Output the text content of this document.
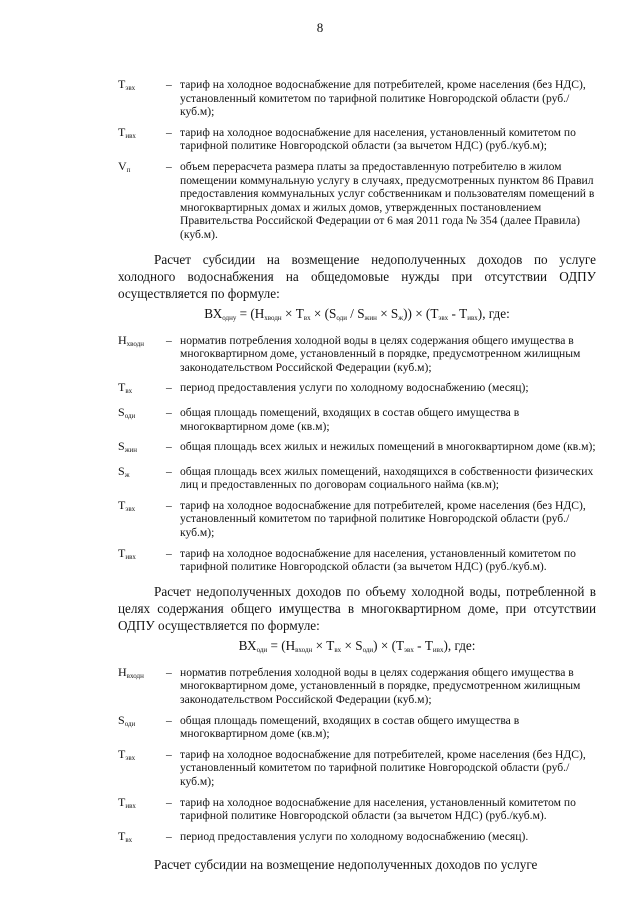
8
$Т_{эвх}$	– тариф на холодное водоснабжение для потребителей, кроме населения (без НДС), установленный комитетом по тарифной политике Новгородской области (руб./куб.м);
$Т_{ивх}$	– тариф на холодное водоснабжение для населения, установленный комитетом по тарифной политике Новгородской области (за вычетом НДС) (руб./куб.м);
$V_п$	– объем перерасчета размера платы за предоставленную потребителю в жилом помещении коммунальную услугу в случаях, предусмотренных пунктом 86 Правил предоставления коммунальных услуг собственникам и пользователям помещений в многоквартирных домах и жилых домов, утвержденных постановлением Правительства Российской Федерации от 6 мая 2011 года № 354 (далее Правила) (куб.м).

Расчет субсидии на возмещение недополученных доходов по услуге холодного водоснабжения на общедомовые нужды при отсутствии ОДПУ осуществляется по формуле:

$ВХ_{одну} = (Н_{хводн} \times Т_{вх} \times (S_{оди} / S_{жин} \times S_ж)) \times (Т_{эвх} - Т_{ивх})$, где:
$Н_{хводн}$	– норматив потребления холодной воды в целях содержания общего имущества в многоквартирном доме, установленный в порядке, предусмотренном жилищным законодательством Российской Федерации (куб.м);
$Т_{вх}$	– период предоставления услуги по холодному водоснабжению (месяц);
$S_{оди}$	– общая площадь помещений, входящих в состав общего имущества в многоквартирном доме (кв.м);
$S_{жин}$	– общая площадь всех жилых и нежилых помещений в многоквартирном доме (кв.м);
$S_ж$	– общая площадь всех жилых помещений, находящихся в собственности физических лиц и предоставленных по договорам социального найма (кв.м);
$Т_{эвх}$	– тариф на холодное водоснабжение для потребителей, кроме населения (без НДС), установленный комитетом по тарифной политике Новгородской области (руб./куб.м);
$Т_{ивх}$	– тариф на холодное водоснабжение для населения, установленный комитетом по тарифной политике Новгородской области (за вычетом НДС) (руб./куб.м).

Расчет недополученных доходов по объему холодной воды, потребленной в целях содержания общего имущества в многоквартирном доме, при отсутствии ОДПУ осуществляется по формуле:

$ВХ_{оди} = (Н_{входн} \times Т_{вх} \times S_{оди}) \times (Т_{эвх} - Т_{ивх})$, где:
$Н_{входн}$	– норматив потребления холодной воды в целях содержания общего имущества в многоквартирном доме, установленный в порядке, предусмотренном жилищным законодательством Российской Федерации (куб.м);
$S_{оди}$	– общая площадь помещений, входящих в состав общего имущества в многоквартирном доме (кв.м);
$Т_{эвх}$	– тариф на холодное водоснабжение для потребителей, кроме населения (без НДС), установленный комитетом по тарифной политике Новгородской области (руб./куб.м);
$Т_{ивх}$	– тариф на холодное водоснабжение для населения, установленный комитетом по тарифной политике Новгородской области (за вычетом НДС) (руб./куб.м).
$Т_{вх}$	– период предоставления услуги по холодному водоснабжению (месяц).

Расчет субсидии на возмещение недополученных доходов по услуге
